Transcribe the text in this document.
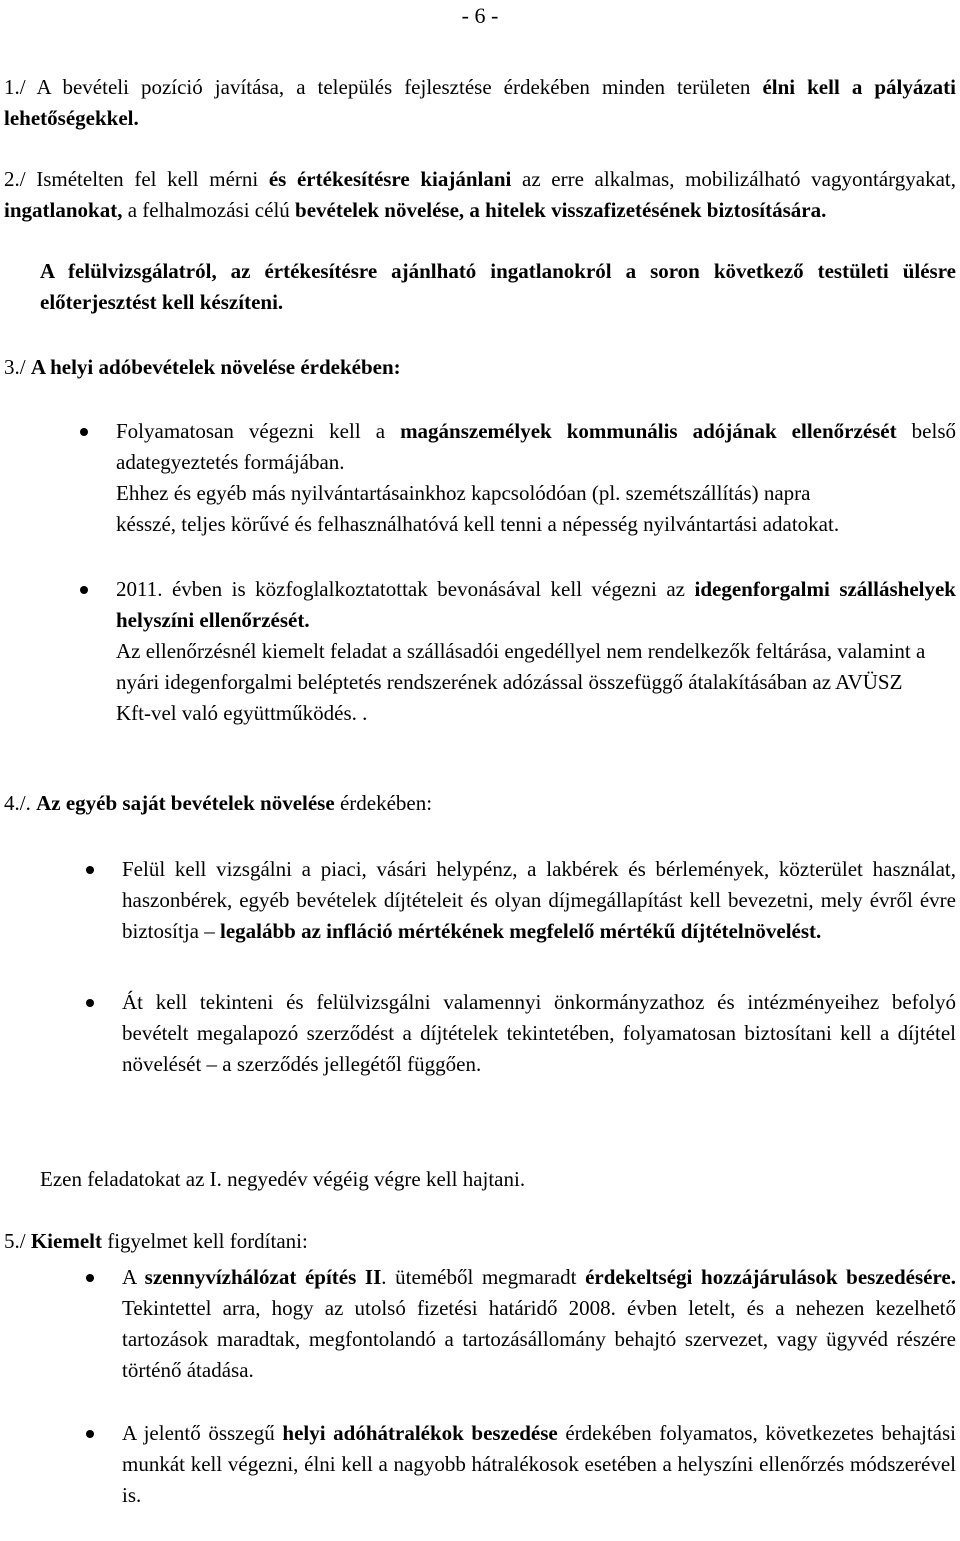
- 6 -

1./ A bevételi pozíció javítása, a település fejlesztése érdekében minden területen élni kell a pályázati lehetőségekkel.

2./ Ismételten fel kell mérni és értékesítésre kiajánlani az erre alkalmas, mobilizálható vagyontárgyakat, ingatlanokat, a felhalmozási célú bevételek növelése, a hitelek visszafizetésének biztosítására.

A felülvizsgálatról, az értékesítésre ajánlható ingatlanokról a soron következő testületi ülésre előterjesztést kell készíteni.

3./ A helyi adóbevételek növelése érdekében:

Folyamatosan végezni kell a magánszemélyek kommunális adójának ellenőrzését belső adategyeztetés formájában.
Ehhez és egyéb más nyilvántartásainkhoz kapcsolódóan (pl. szemétszállítás) napra késszé, teljes körűvé és felhasználhatóvá kell tenni a népesség nyilvántartási adatokat.
2011. évben is közfoglalkoztatottak bevonásával kell végezni az idegenforgalmi szálláshelyek helyszíni ellenőrzését.
Az ellenőrzésnél kiemelt feladat a szállásadói engedéllyel nem rendelkezők feltárása, valamint a nyári idegenforgalmi beléptetés rendszerének adózással összefüggő átalakításában az AVÜSZ Kft-vel való együttműködés. .

4./. Az egyéb saját bevételek növelése érdekében:

Felül kell vizsgálni a piaci, vásári helypénz, a lakbérek és bérlemények, közterület használat, haszonbérek, egyéb bevételek díjtételeit és olyan díjmegállapítást kell bevezetni, mely évről évre biztosítja – legalább az infláció mértékének megfelelő mértékű díjtételnövelést.
Át kell tekinteni és felülvizsgálni valamennyi önkormányzathoz és intézményeihez befolyó bevételt megalapozó szerződést a díjtételek tekintetében, folyamatosan biztosítani kell a díjtétel növelését – a szerződés jellegétől függően.

Ezen feladatokat az I. negyedév végéig végre kell hajtani.

5./ Kiemelt figyelmet kell fordítani:

A szennyvízhálózat építés II. üteméből megmaradt érdekeltségi hozzájárulások beszedésére. Tekintettel arra, hogy az utolsó fizetési határidő 2008. évben letelt, és a nehezen kezelhető tartozások maradtak, megfontolandó a tartozásállomány behajtó szervezet, vagy ügyvéd részére történő átadása.
A jelentő összegű helyi adóhátralékok beszedése érdekében folyamatos, következetes behajtási munkát kell végezni, élni kell a nagyobb hátralékosok esetében a helyszíni ellenőrzés módszerével is.
